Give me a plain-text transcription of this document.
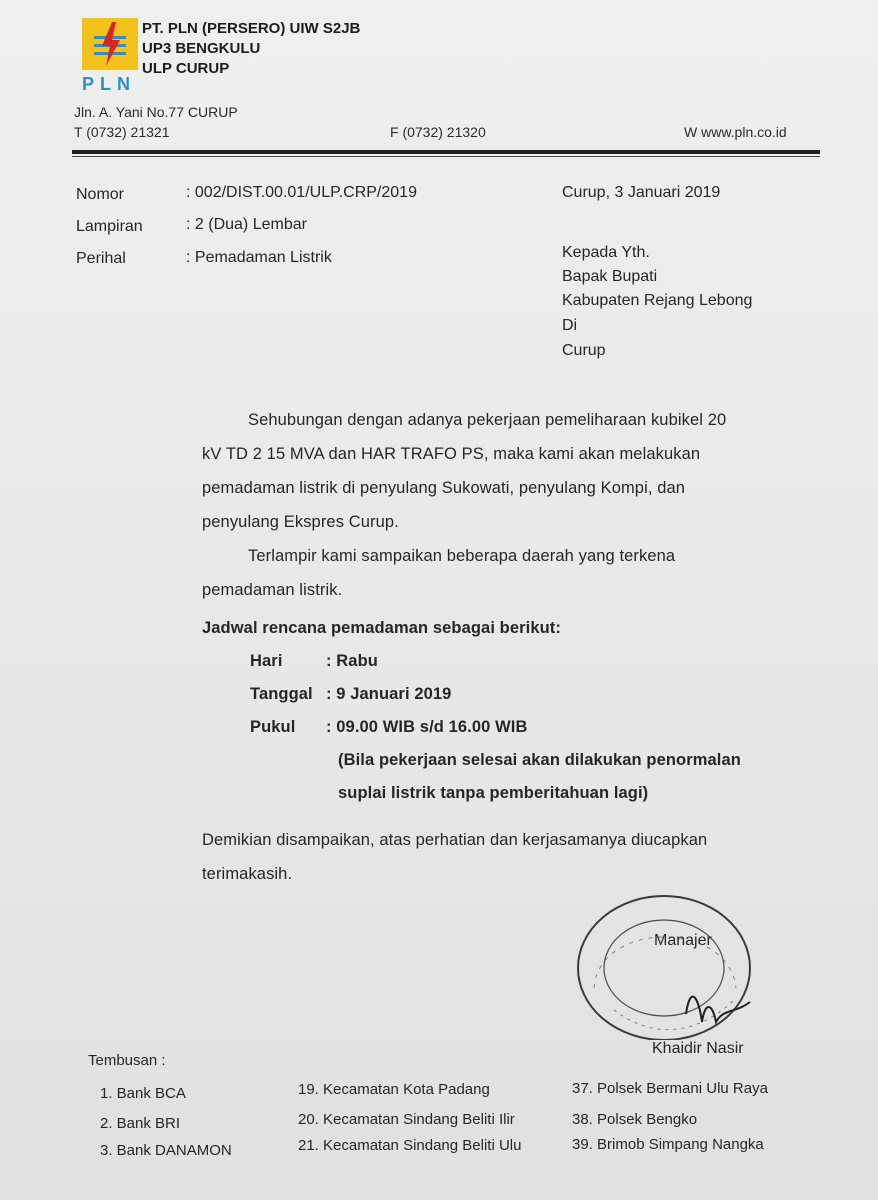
PLN
PT. PLN (PERSERO) UIW S2JB
UP3 BENGKULU
ULP CURUP
Jln. A. Yani No.77 CURUP
T (0732) 21321	F (0732) 21320	W www.pln.co.id
Nomor	: 002/DIST.00.01/ULP.CRP/2019
Lampiran	: 2 (Dua) Lembar
Perihal	: Pemadaman Listrik
Curup, 3 Januari 2019
Kepada Yth.
Bapak Bupati
Kabupaten Rejang Lebong
Di
Curup
Sehubungan dengan adanya pekerjaan pemeliharaan kubikel 20
kV TD 2 15 MVA dan HAR TRAFO PS, maka kami akan melakukan
pemadaman listrik di penyulang Sukowati, penyulang Kompi, dan
penyulang Ekspres Curup.
Terlampir kami sampaikan beberapa daerah yang terkena
pemadaman listrik.
Jadwal rencana pemadaman sebagai berikut:
Hari	: Rabu
Tanggal : 9 Januari 2019
Pukul : 09.00 WIB s/d 16.00 WIB
(Bila pekerjaan selesai akan dilakukan penormalan
suplai listrik tanpa pemberitahuan lagi)
Demikian disampaikan, atas perhatian dan kerjasamanya diucapkan
terimakasih.
Manajer
Khaidir Nasir
Tembusan :
1. Bank BCA
2. Bank BRI
3. Bank DANAMON
19. Kecamatan Kota Padang
20. Kecamatan Sindang Beliti Ilir
21. Kecamatan Sindang Beliti Ulu
37. Polsek Bermani Ulu Raya
38. Polsek Bengko
39. Brimob Simpang Nangka
